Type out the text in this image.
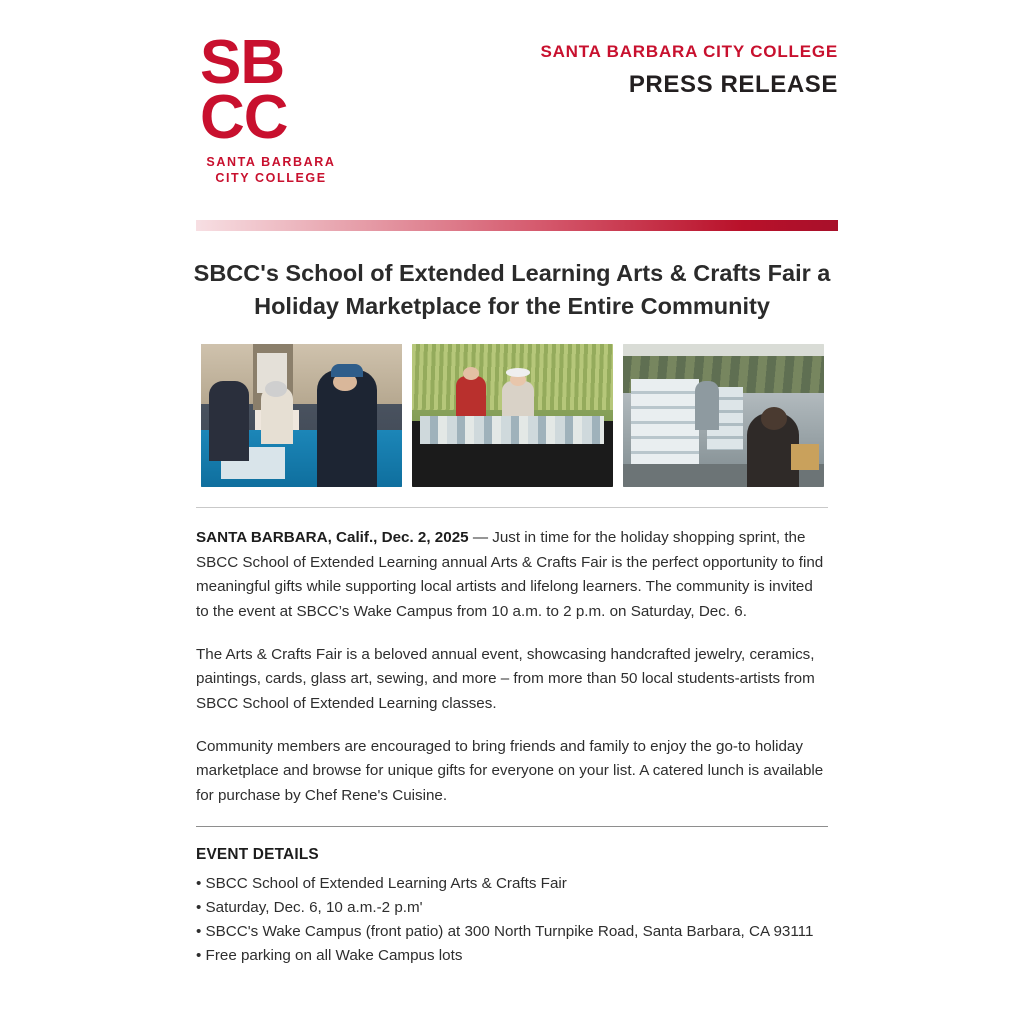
SB
CC
SANTA BARBARA
CITY COLLEGE
SANTA BARBARA CITY COLLEGE
PRESS RELEASE
SBCC's School of Extended Learning Arts & Crafts Fair a Holiday Marketplace for the Entire Community

SANTA BARBARA, Calif., Dec. 2, 2025 — Just in time for the holiday shopping sprint, the SBCC School of Extended Learning annual Arts & Crafts Fair is the perfect opportunity to find meaningful gifts while supporting local artists and lifelong learners. The community is invited to the event at SBCC’s Wake Campus from 10 a.m. to 2 p.m. on Saturday, Dec. 6.

The Arts & Crafts Fair is a beloved annual event, showcasing handcrafted jewelry, ceramics, paintings, cards, glass art, sewing, and more – from more than 50 local students-artists from SBCC School of Extended Learning classes.

Community members are encouraged to bring friends and family to enjoy the go-to holiday marketplace and browse for unique gifts for everyone on your list. A catered lunch is available for purchase by Chef Rene's Cuisine.

EVENT DETAILS
• SBCC School of Extended Learning Arts & Crafts Fair
• Saturday, Dec. 6, 10 a.m.-2 p.m'
• SBCC's Wake Campus (front patio) at 300 North Turnpike Road, Santa Barbara, CA 93111
• Free parking on all Wake Campus lots
